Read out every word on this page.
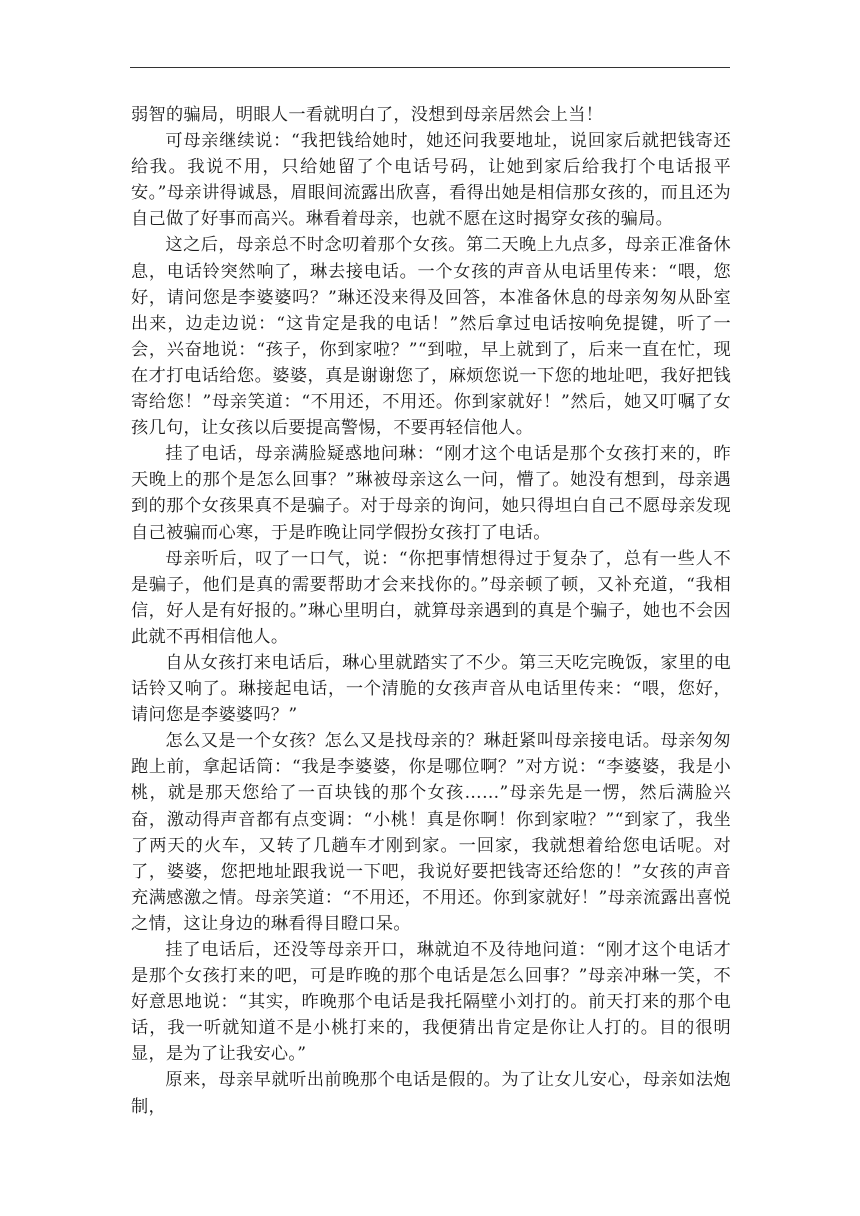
弱智的骗局，明眼人一看就明白了，没想到母亲居然会上当！

可母亲继续说：“我把钱给她时，她还问我要地址，说回家后就把钱寄还给我。我说不用，只给她留了个电话号码，让她到家后给我打个电话报平安。”母亲讲得诚恳，眉眼间流露出欣喜，看得出她是相信那女孩的，而且还为自己做了好事而高兴。琳看着母亲，也就不愿在这时揭穿女孩的骗局。

这之后，母亲总不时念叨着那个女孩。第二天晚上九点多，母亲正准备休息，电话铃突然响了，琳去接电话。一个女孩的声音从电话里传来：“喂，您好，请问您是李婆婆吗？”琳还没来得及回答，本准备休息的母亲匆匆从卧室出来，边走边说：“这肯定是我的电话！”然后拿过电话按响免提键，听了一会，兴奋地说：“孩子，你到家啦？”“到啦，早上就到了，后来一直在忙，现在才打电话给您。婆婆，真是谢谢您了，麻烦您说一下您的地址吧，我好把钱寄给您！”母亲笑道：“不用还，不用还。你到家就好！”然后，她又叮嘱了女孩几句，让女孩以后要提高警惕，不要再轻信他人。

挂了电话，母亲满脸疑惑地问琳：“刚才这个电话是那个女孩打来的，昨天晚上的那个是怎么回事？”琳被母亲这么一问，懵了。她没有想到，母亲遇到的那个女孩果真不是骗子。对于母亲的询问，她只得坦白自己不愿母亲发现自己被骗而心寒，于是昨晚让同学假扮女孩打了电话。

母亲听后，叹了一口气，说：“你把事情想得过于复杂了，总有一些人不是骗子，他们是真的需要帮助才会来找你的。”母亲顿了顿，又补充道，“我相信，好人是有好报的。”琳心里明白，就算母亲遇到的真是个骗子，她也不会因此就不再相信他人。

自从女孩打来电话后，琳心里就踏实了不少。第三天吃完晚饭，家里的电话铃又响了。琳接起电话，一个清脆的女孩声音从电话里传来：“喂，您好，请问您是李婆婆吗？”

怎么又是一个女孩？怎么又是找母亲的？琳赶紧叫母亲接电话。母亲匆匆跑上前，拿起话筒：“我是李婆婆，你是哪位啊？”对方说：“李婆婆，我是小桃，就是那天您给了一百块钱的那个女孩……”母亲先是一愣，然后满脸兴奋，激动得声音都有点变调：“小桃！真是你啊！你到家啦？”“到家了，我坐了两天的火车，又转了几趟车才刚到家。一回家，我就想着给您电话呢。对了，婆婆，您把地址跟我说一下吧，我说好要把钱寄还给您的！”女孩的声音充满感激之情。母亲笑道：“不用还，不用还。你到家就好！”母亲流露出喜悦之情，这让身边的琳看得目瞪口呆。

挂了电话后，还没等母亲开口，琳就迫不及待地问道：“刚才这个电话才是那个女孩打来的吧，可是昨晚的那个电话是怎么回事？”母亲冲琳一笑，不好意思地说：“其实，昨晚那个电话是我托隔壁小刘打的。前天打来的那个电话，我一听就知道不是小桃打来的，我便猜出肯定是你让人打的。目的很明显，是为了让我安心。”

原来，母亲早就听出前晚那个电话是假的。为了让女儿安心，母亲如法炮制，
